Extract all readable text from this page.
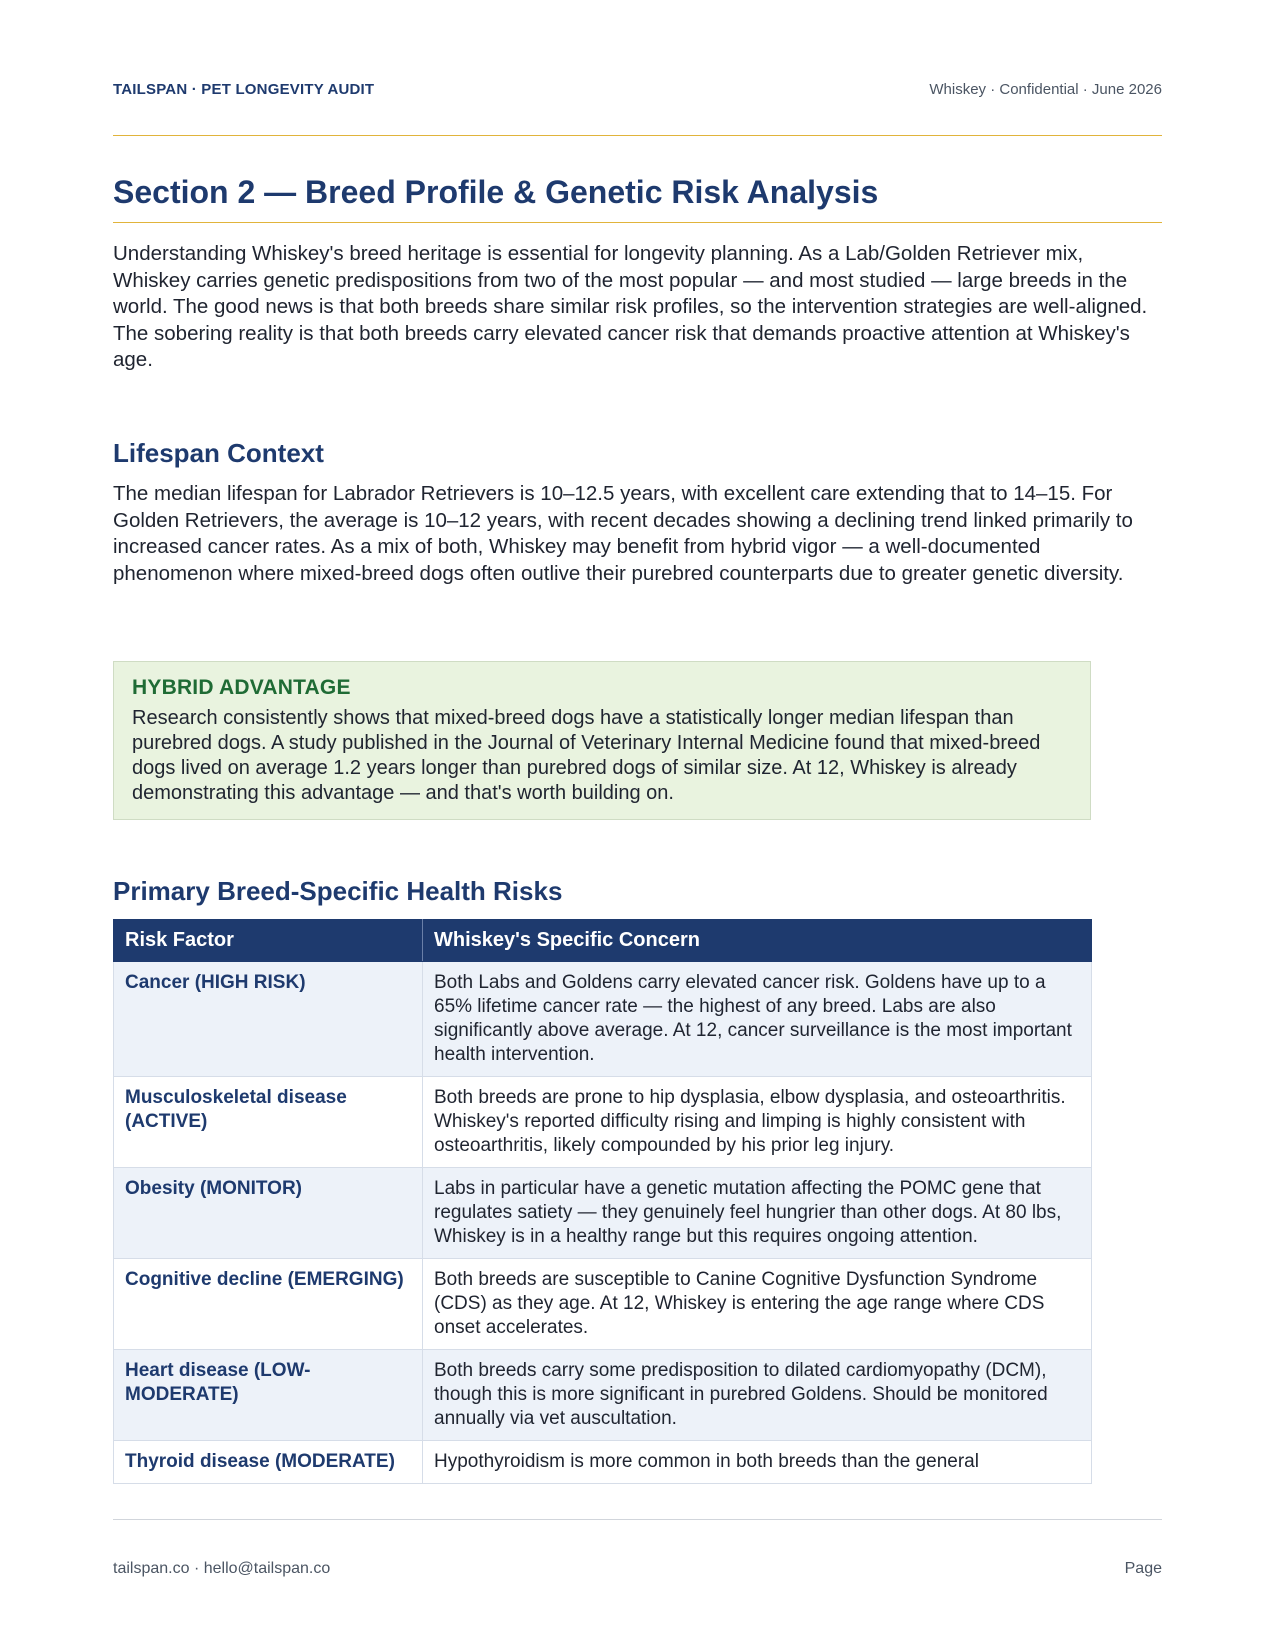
TAILSPAN · PET LONGEVITY AUDIT	Whiskey · Confidential · June 2026
Section 2 — Breed Profile & Genetic Risk Analysis

Understanding Whiskey's breed heritage is essential for longevity planning. As a Lab/Golden Retriever mix, Whiskey carries genetic predispositions from two of the most popular — and most studied — large breeds in the world. The good news is that both breeds share similar risk profiles, so the intervention strategies are well-aligned. The sobering reality is that both breeds carry elevated cancer risk that demands proactive attention at Whiskey's age.

Lifespan Context

The median lifespan for Labrador Retrievers is 10–12.5 years, with excellent care extending that to 14–15. For Golden Retrievers, the average is 10–12 years, with recent decades showing a declining trend linked primarily to increased cancer rates. As a mix of both, Whiskey may benefit from hybrid vigor — a well-documented phenomenon where mixed-breed dogs often outlive their purebred counterparts due to greater genetic diversity.

HYBRID ADVANTAGE
Research consistently shows that mixed-breed dogs have a statistically longer median lifespan than purebred dogs. A study published in the Journal of Veterinary Internal Medicine found that mixed-breed dogs lived on average 1.2 years longer than purebred dogs of similar size. At 12, Whiskey is already demonstrating this advantage — and that's worth building on.
Primary Breed-Specific Health Risks
Risk Factor	Whiskey's Specific Concern
Cancer (HIGH RISK)	Both Labs and Goldens carry elevated cancer risk. Goldens have up to a 65% lifetime cancer rate — the highest of any breed. Labs are also significantly above average. At 12, cancer surveillance is the most important health intervention.
Musculoskeletal disease (ACTIVE)	Both breeds are prone to hip dysplasia, elbow dysplasia, and osteoarthritis. Whiskey's reported difficulty rising and limping is highly consistent with osteoarthritis, likely compounded by his prior leg injury.
Obesity (MONITOR)	Labs in particular have a genetic mutation affecting the POMC gene that regulates satiety — they genuinely feel hungrier than other dogs. At 80 lbs, Whiskey is in a healthy range but this requires ongoing attention.
Cognitive decline (EMERGING)	Both breeds are susceptible to Canine Cognitive Dysfunction Syndrome (CDS) as they age. At 12, Whiskey is entering the age range where CDS onset accelerates.
Heart disease (LOW-MODERATE)	Both breeds carry some predisposition to dilated cardiomyopathy (DCM), though this is more significant in purebred Goldens. Should be monitored annually via vet auscultation.
Thyroid disease (MODERATE)	Hypothyroidism is more common in both breeds than the general
tailspan.co · hello@tailspan.co	Page
